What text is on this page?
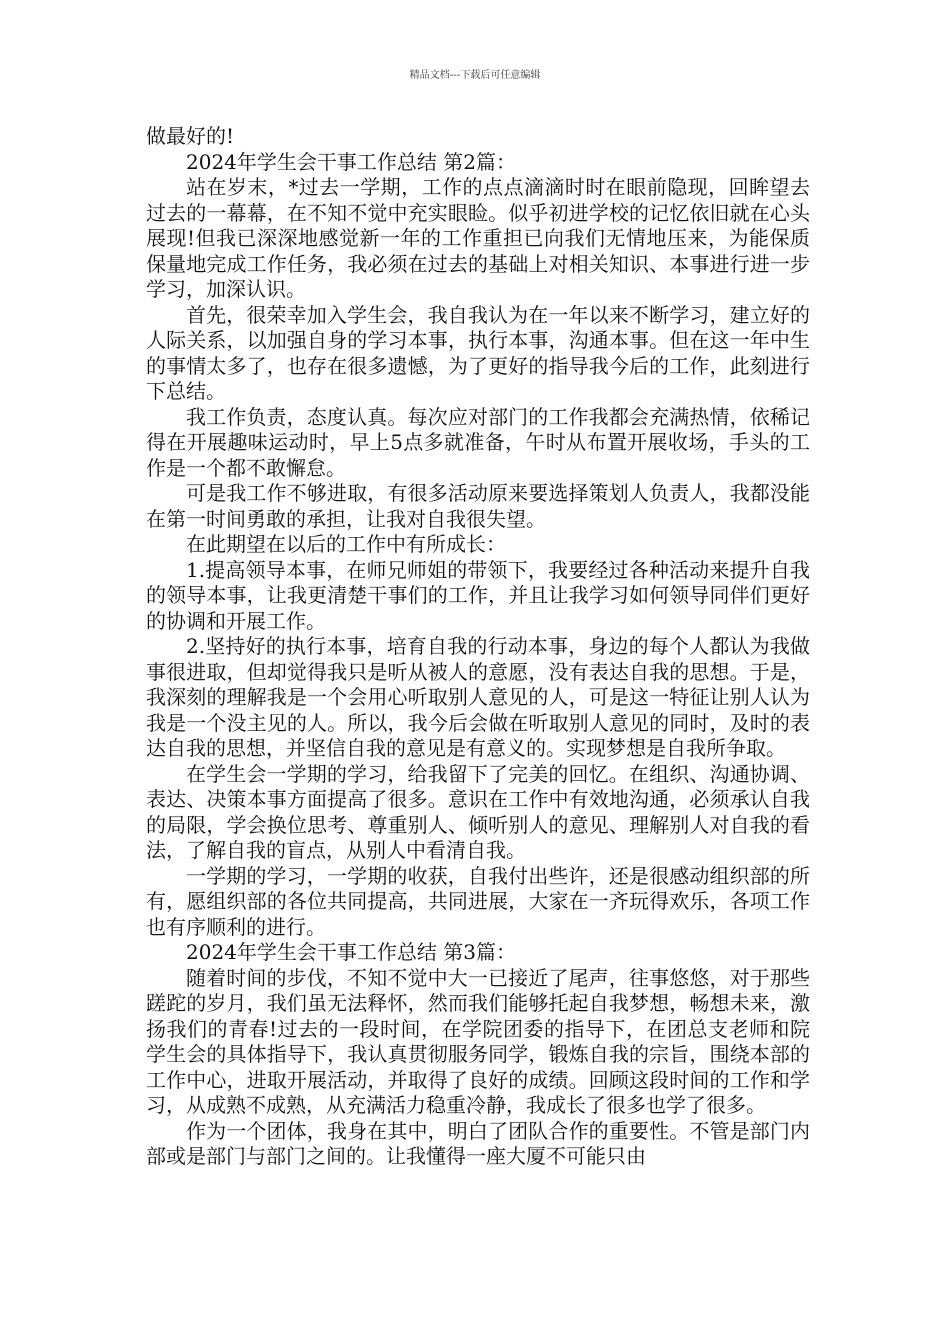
精品文档---下载后可任意编辑

做最好的!

2024年学生会干事工作总结 第2篇：

站在岁末，*过去一学期，工作的点点滴滴时时在眼前隐现，回眸望去过去的一幕幕，在不知不觉中充实眼睑。似乎初进学校的记忆依旧就在心头展现!但我已深深地感觉新一年的工作重担已向我们无情地压来，为能保质保量地完成工作任务，我必须在过去的基础上对相关知识、本事进行进一步学习，加深认识。

首先，很荣幸加入学生会，我自我认为在一年以来不断学习，建立好的人际关系，以加强自身的学习本事，执行本事，沟通本事。但在这一年中生的事情太多了，也存在很多遗憾，为了更好的指导我今后的工作，此刻进行下总结。

我工作负责，态度认真。每次应对部门的工作我都会充满热情，依稀记得在开展趣味运动时，早上5点多就准备，午时从布置开展收场，手头的工作是一个都不敢懈怠。

可是我工作不够进取，有很多活动原来要选择策划人负责人，我都没能在第一时间勇敢的承担，让我对自我很失望。

在此期望在以后的工作中有所成长：

1.提高领导本事，在师兄师姐的带领下，我要经过各种活动来提升自我的领导本事，让我更清楚干事们的工作，并且让我学习如何领导同伴们更好的协调和开展工作。

2.坚持好的执行本事，培育自我的行动本事，身边的每个人都认为我做事很进取，但却觉得我只是听从被人的意愿，没有表达自我的思想。于是，我深刻的理解我是一个会用心听取别人意见的人，可是这一特征让别人认为我是一个没主见的人。所以，我今后会做在听取别人意见的同时，及时的表达自我的思想，并坚信自我的意见是有意义的。实现梦想是自我所争取。

在学生会一学期的学习，给我留下了完美的回忆。在组织、沟通协调、表达、决策本事方面提高了很多。意识在工作中有效地沟通，必须承认自我的局限，学会换位思考、尊重别人、倾听别人的意见、理解别人对自我的看法，了解自我的盲点，从别人中看清自我。

一学期的学习，一学期的收获，自我付出些许，还是很感动组织部的所有，愿组织部的各位共同提高，共同进展，大家在一齐玩得欢乐，各项工作也有序顺利的进行。

2024年学生会干事工作总结 第3篇：

随着时间的步伐，不知不觉中大一已接近了尾声，往事悠悠，对于那些蹉跎的岁月，我们虽无法释怀，然而我们能够托起自我梦想，畅想未来，激扬我们的青春!过去的一段时间，在学院团委的指导下，在团总支老师和院学生会的具体指导下，我认真贯彻服务同学，锻炼自我的宗旨，围绕本部的工作中心，进取开展活动，并取得了良好的成绩。回顾这段时间的工作和学习，从成熟不成熟，从充满活力稳重冷静，我成长了很多也学了很多。

作为一个团体，我身在其中，明白了团队合作的重要性。不管是部门内部或是部门与部门之间的。让我懂得一座大厦不可能只由
